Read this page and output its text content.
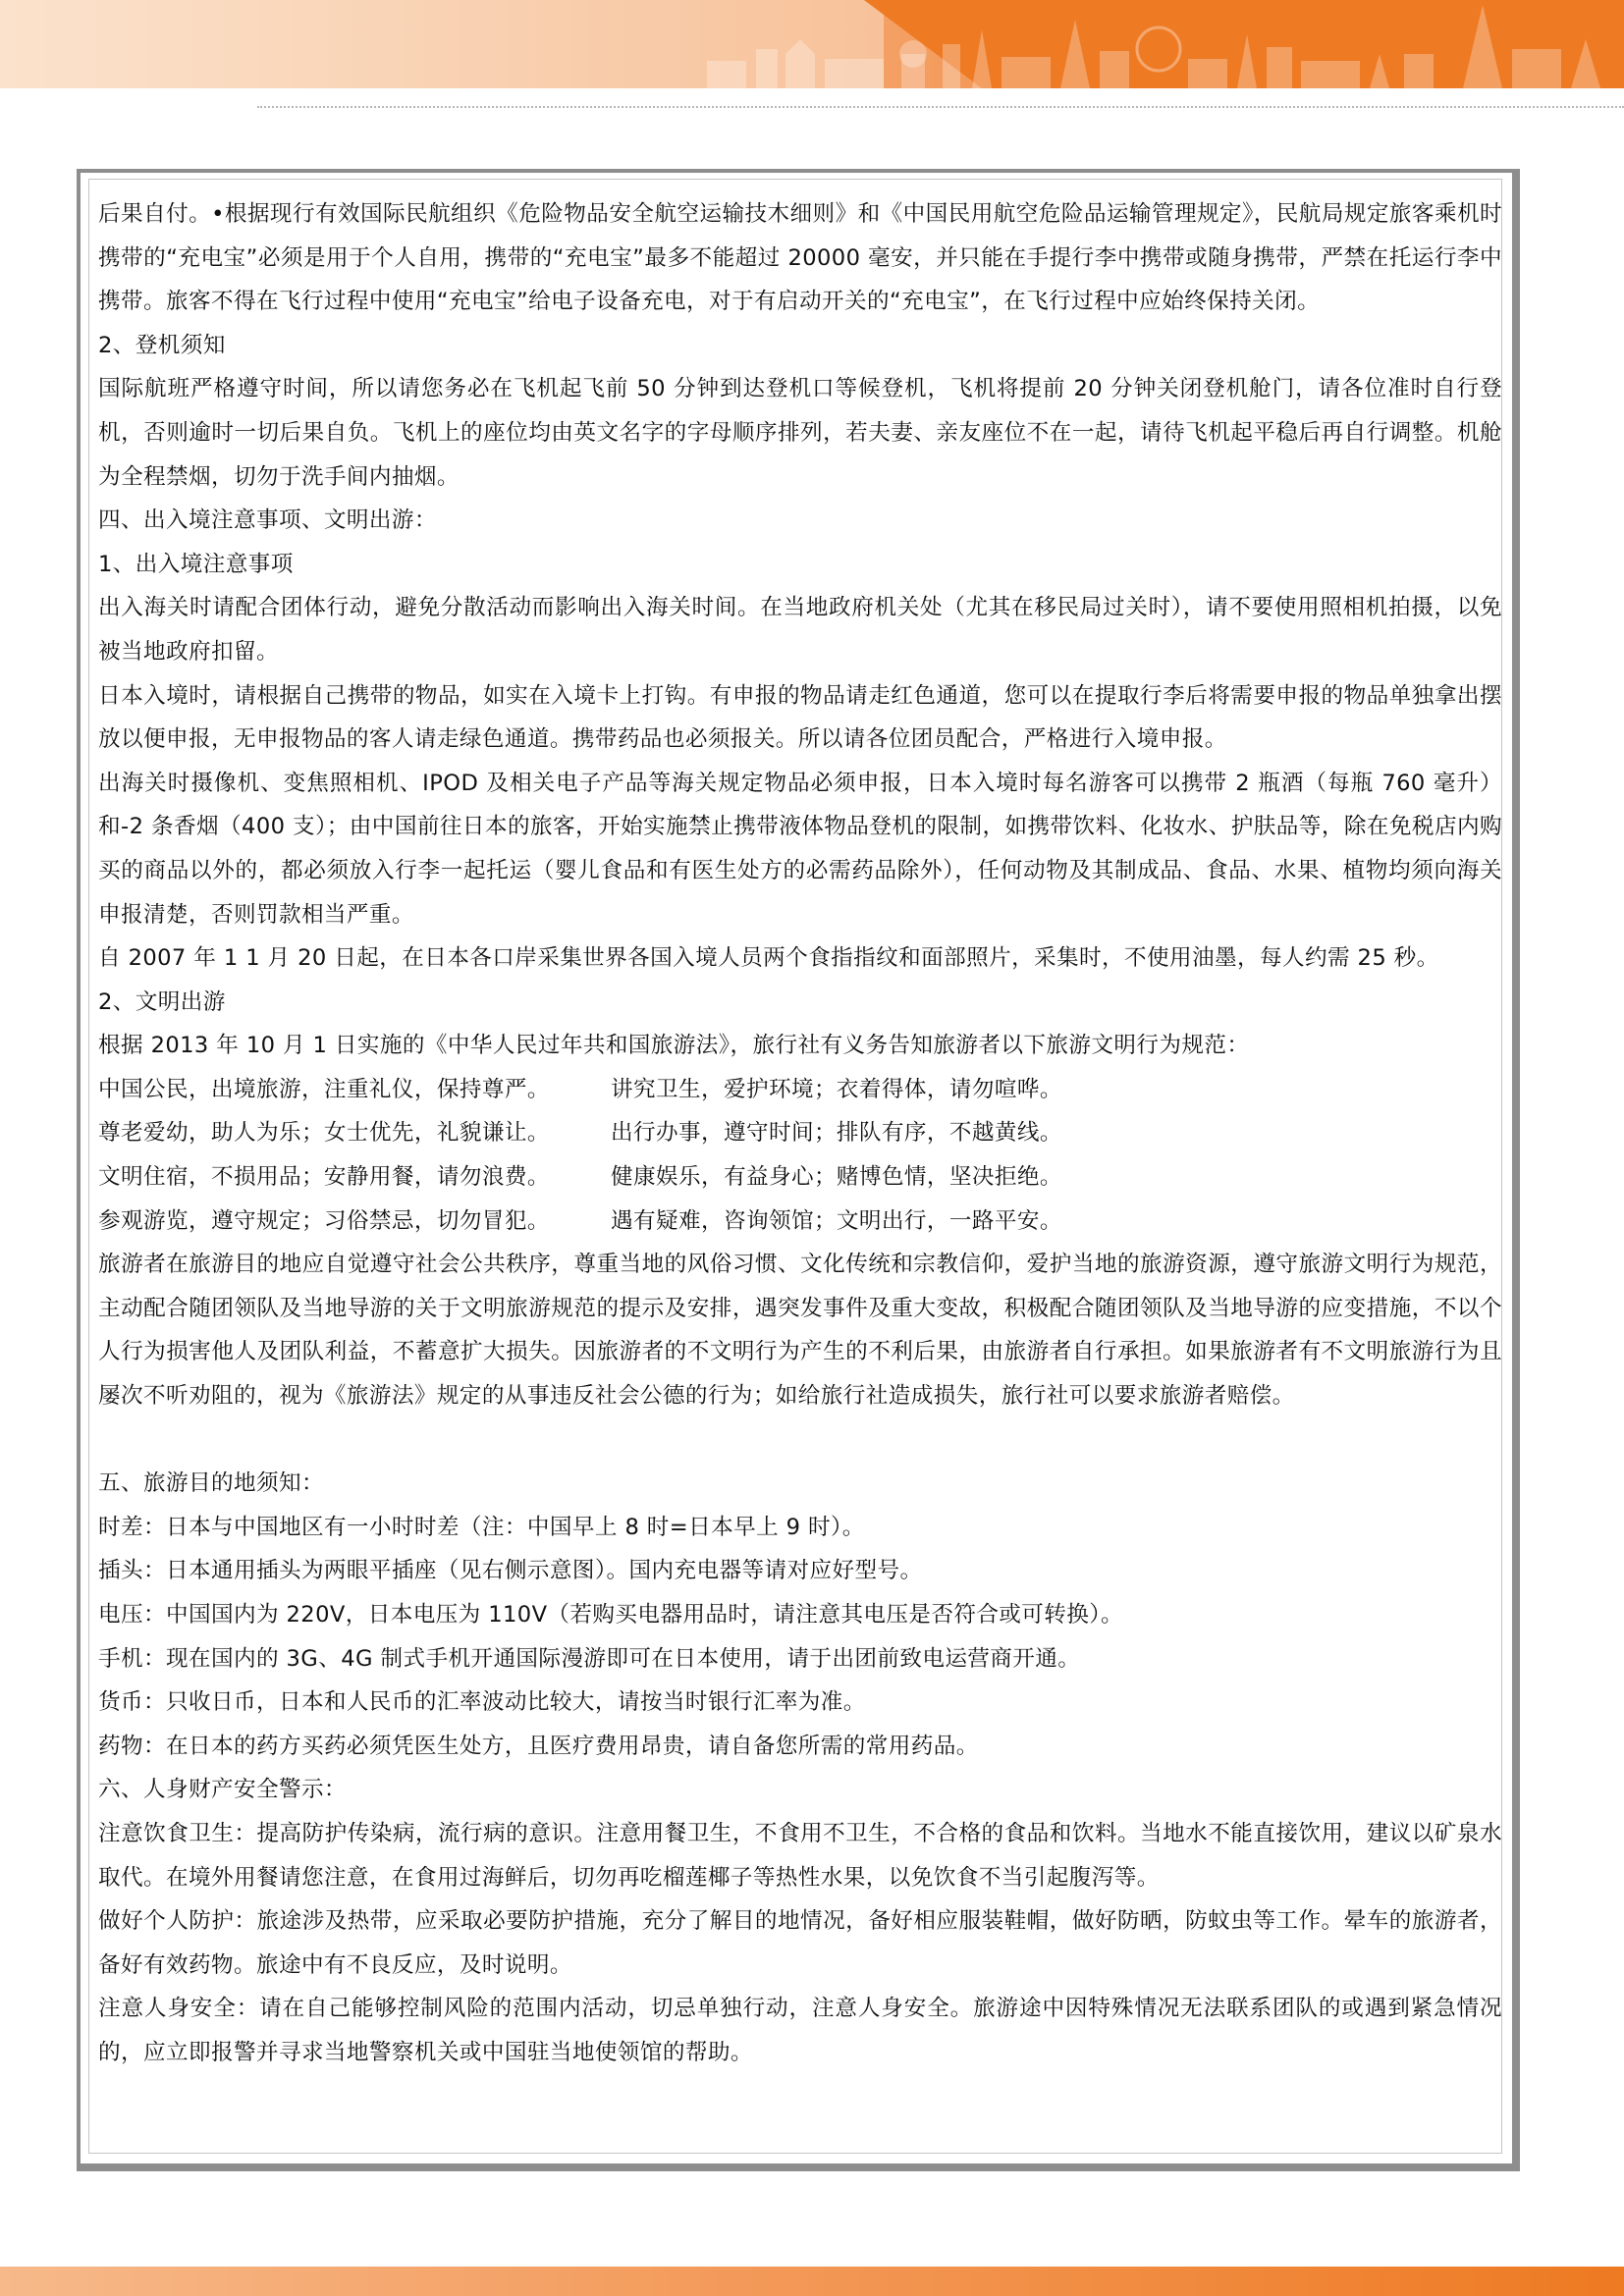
后果自付。•根据现行有效国际民航组织《危险物品安全航空运输技木细则》和《中国民用航空危险品运输管理规定》，民航局规定旅客乘机时携带的“充电宝”必须是用于个人自用，携带的“充电宝”最多不能超过 20000 毫安，并只能在手提行李中携带或随身携带，严禁在托运行李中携带。旅客不得在飞行过程中使用“充电宝”给电子设备充电，对于有启动开关的“充电宝”，在飞行过程中应始终保持关闭。

2、登机须知

国际航班严格遵守时间，所以请您务必在飞机起飞前 50 分钟到达登机口等候登机，飞机将提前 20 分钟关闭登机舱门，请各位准时自行登机，否则逾时一切后果自负。飞机上的座位均由英文名字的字母顺序排列，若夫妻、亲友座位不在一起，请待飞机起平稳后再自行调整。机舱为全程禁烟，切勿于洗手间内抽烟。

四、出入境注意事项、文明出游：

1、出入境注意事项

出入海关时请配合团体行动，避免分散活动而影响出入海关时间。在当地政府机关处（尤其在移民局过关时），请不要使用照相机拍摄，以免被当地政府扣留。

日本入境时，请根据自己携带的物品，如实在入境卡上打钩。有申报的物品请走红色通道，您可以在提取行李后将需要申报的物品单独拿出摆放以便申报，无申报物品的客人请走绿色通道。携带药品也必须报关。所以请各位团员配合，严格进行入境申报。

出海关时摄像机、变焦照相机、IPOD 及相关电子产品等海关规定物品必须申报，日本入境时每名游客可以携带 2 瓶酒（每瓶 760 毫升）和-2 条香烟（400 支）；由中国前往日本的旅客，开始实施禁止携带液体物品登机的限制，如携带饮料、化妆水、护肤品等，除在免税店内购买的商品以外的，都必须放入行李一起托运（婴儿食品和有医生处方的必需药品除外），任何动物及其制成品、食品、水果、植物均须向海关申报清楚，否则罚款相当严重。

自 2007 年 1 1 月 20 日起，在日本各口岸采集世界各国入境人员两个食指指纹和面部照片，采集时，不使用油墨，每人约需 25 秒。

2、文明出游

根据 2013 年 10 月 1 日实施的《中华人民过年共和国旅游法》，旅行社有义务告知旅游者以下旅游文明行为规范：

中国公民，出境旅游，注重礼仪，保持尊严。	讲究卫生，爱护环境；衣着得体，请勿喧哗。
尊老爱幼，助人为乐；女士优先，礼貌谦让。	出行办事，遵守时间；排队有序，不越黄线。
文明住宿，不损用品；安静用餐，请勿浪费。	健康娱乐，有益身心；赌博色情，坚决拒绝。
参观游览，遵守规定；习俗禁忌，切勿冒犯。	遇有疑难，咨询领馆；文明出行，一路平安。

旅游者在旅游目的地应自觉遵守社会公共秩序，尊重当地的风俗习惯、文化传统和宗教信仰，爱护当地的旅游资源，遵守旅游文明行为规范，主动配合随团领队及当地导游的关于文明旅游规范的提示及安排，遇突发事件及重大变故，积极配合随团领队及当地导游的应变措施，不以个人行为损害他人及团队利益，不蓄意扩大损失。因旅游者的不文明行为产生的不利后果，由旅游者自行承担。如果旅游者有不文明旅游行为且屡次不听劝阻的，视为《旅游法》规定的从事违反社会公德的行为；如给旅行社造成损失，旅行社可以要求旅游者赔偿。

五、旅游目的地须知：

时差：日本与中国地区有一小时时差（注：中国早上 8 时=日本早上 9 时）。

插头：日本通用插头为两眼平插座（见右侧示意图）。国内充电器等请对应好型号。

电压：中国国内为 220V，日本电压为 110V（若购买电器用品时，请注意其电压是否符合或可转换）。

手机：现在国内的 3G、4G 制式手机开通国际漫游即可在日本使用，请于出团前致电运营商开通。

货币：只收日币，日本和人民币的汇率波动比较大，请按当时银行汇率为准。

药物：在日本的药方买药必须凭医生处方，且医疗费用昂贵，请自备您所需的常用药品。

六、人身财产安全警示：

注意饮食卫生：提高防护传染病，流行病的意识。注意用餐卫生，不食用不卫生，不合格的食品和饮料。当地水不能直接饮用，建议以矿泉水取代。在境外用餐请您注意，在食用过海鲜后，切勿再吃榴莲椰子等热性水果，以免饮食不当引起腹泻等。

做好个人防护：旅途涉及热带，应采取必要防护措施，充分了解目的地情况，备好相应服装鞋帽，做好防晒，防蚊虫等工作。晕车的旅游者，备好有效药物。旅途中有不良反应，及时说明。

注意人身安全：请在自己能够控制风险的范围内活动，切忌单独行动，注意人身安全。旅游途中因特殊情况无法联系团队的或遇到紧急情况的，应立即报警并寻求当地警察机关或中国驻当地使领馆的帮助。
